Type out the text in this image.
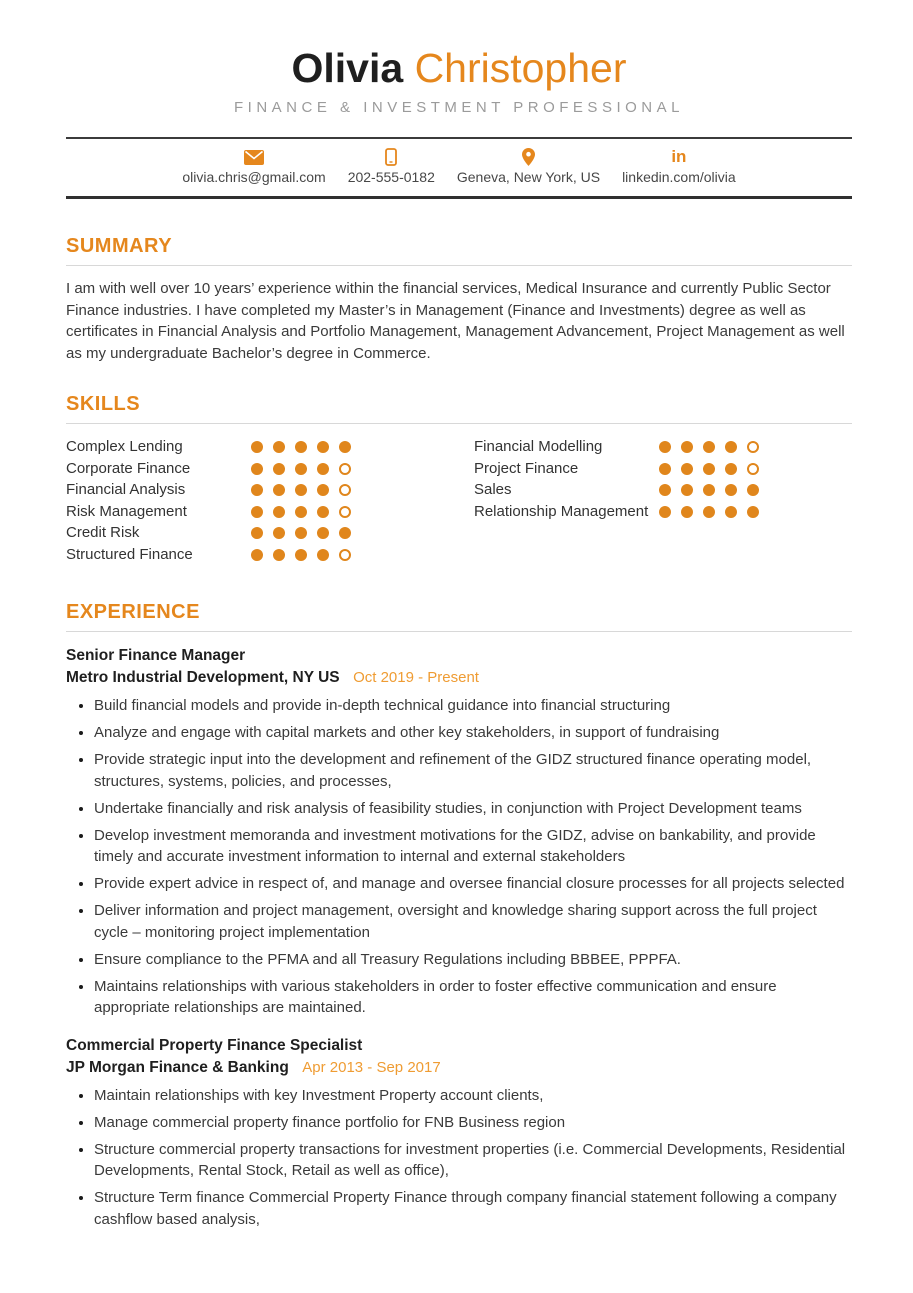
Olivia Christopher
FINANCE & INVESTMENT PROFESSIONAL
olivia.chris@gmail.com 202-555-0182 Geneva, New York, US
in
linkedin.com/olivia
SUMMARY

I am with well over 10 years’ experience within the financial services, Medical Insurance and currently Public Sector Finance industries. I have completed my Master’s in Management (Finance and Investments) degree as well as certificates in Financial Analysis and Portfolio Management, Management Advancement, Project Management as well as my undergraduate Bachelor’s degree in Commerce.

SKILLS
Complex Lending
Corporate Finance
Financial Analysis
Risk Management
Credit Risk
Structured Finance
Financial Modelling
Project Finance
Sales
Relationship Management
EXPERIENCE
Senior Finance Manager
Metro Industrial Development, NY US Oct 2019 - Present
• Build financial models and provide in-depth technical guidance into financial structuring
• Analyze and engage with capital markets and other key stakeholders, in support of fundraising
• Provide strategic input into the development and refinement of the GIDZ structured finance operating model, structures, systems, policies, and processes,
• Undertake financially and risk analysis of feasibility studies, in conjunction with Project Development teams
• Develop investment memoranda and investment motivations for the GIDZ, advise on bankability, and provide timely and accurate investment information to internal and external stakeholders
• Provide expert advice in respect of, and manage and oversee financial closure processes for all projects selected
• Deliver information and project management, oversight and knowledge sharing support across the full project cycle – monitoring project implementation
• Ensure compliance to the PFMA and all Treasury Regulations including BBBEE, PPPFA.
• Maintains relationships with various stakeholders in order to foster effective communication and ensure appropriate relationships are maintained.
Commercial Property Finance Specialist
JP Morgan Finance & Banking Apr 2013 - Sep 2017
• Maintain relationships with key Investment Property account clients,
• Manage commercial property finance portfolio for FNB Business region
• Structure commercial property transactions for investment properties (i.e. Commercial Developments, Residential Developments, Rental Stock, Retail as well as office),
• Structure Term finance Commercial Property Finance through company financial statement following a company cashflow based analysis,
